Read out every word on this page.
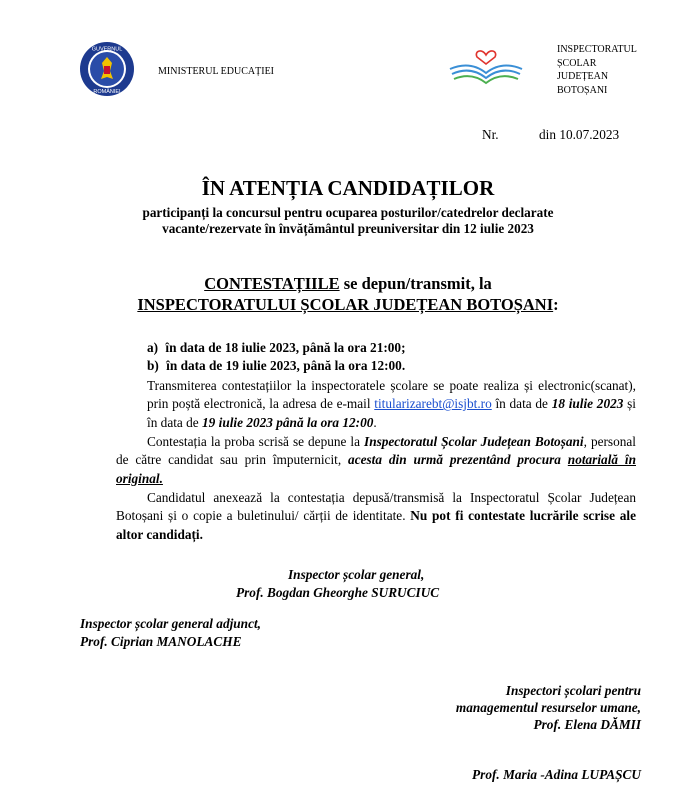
GUVERNUL
ROMÂNIEI
MINISTERUL EDUCAȚIEI
INSPECTORATUL
ȘCOLAR
JUDEȚEAN
BOTOȘANI
Nr.	din 10.07.2023
ÎN ATENȚIA CANDIDAȚILOR
participanți la concursul pentru ocuparea posturilor/catedrelor declarate
vacante/rezervate în învățământul preuniversitar din 12 iulie 2023
CONTESTAȚIILE se depun/transmit, la
INSPECTORATULUI ȘCOLAR JUDEȚEAN BOTOȘANI:
a) în data de 18 iulie 2023, până la ora 21:00;
b) în data de 19 iulie 2023, până la ora 12:00.
Transmiterea contestațiilor la inspectoratele școlare se poate realiza și electronic(scanat), prin poștă electronică, la adresa de e-mail titularizarebt@isjbt.ro în data de 18 iulie 2023 și în data de 19 iulie 2023 până la ora 12:00.
Contestația la proba scrisă se depune la Inspectoratul Școlar Județean Botoșani, personal de către candidat sau prin împuternicit, acesta din urmă prezentând procura notarială în original.
Candidatul anexează la contestația depusă/transmisă la Inspectoratul Școlar Județean Botoșani și o copie a buletinului/ cărții de identitate. Nu pot fi contestate lucrările scrise ale altor candidați.
Inspector școlar general,
Prof. Bogdan Gheorghe SURUCIUC
Inspector școlar general adjunct,
Prof. Ciprian MANOLACHE
Inspectori școlari pentru
managementul resurselor umane,
Prof. Elena DĂMII
Prof. Maria -Adina LUPAȘCU
